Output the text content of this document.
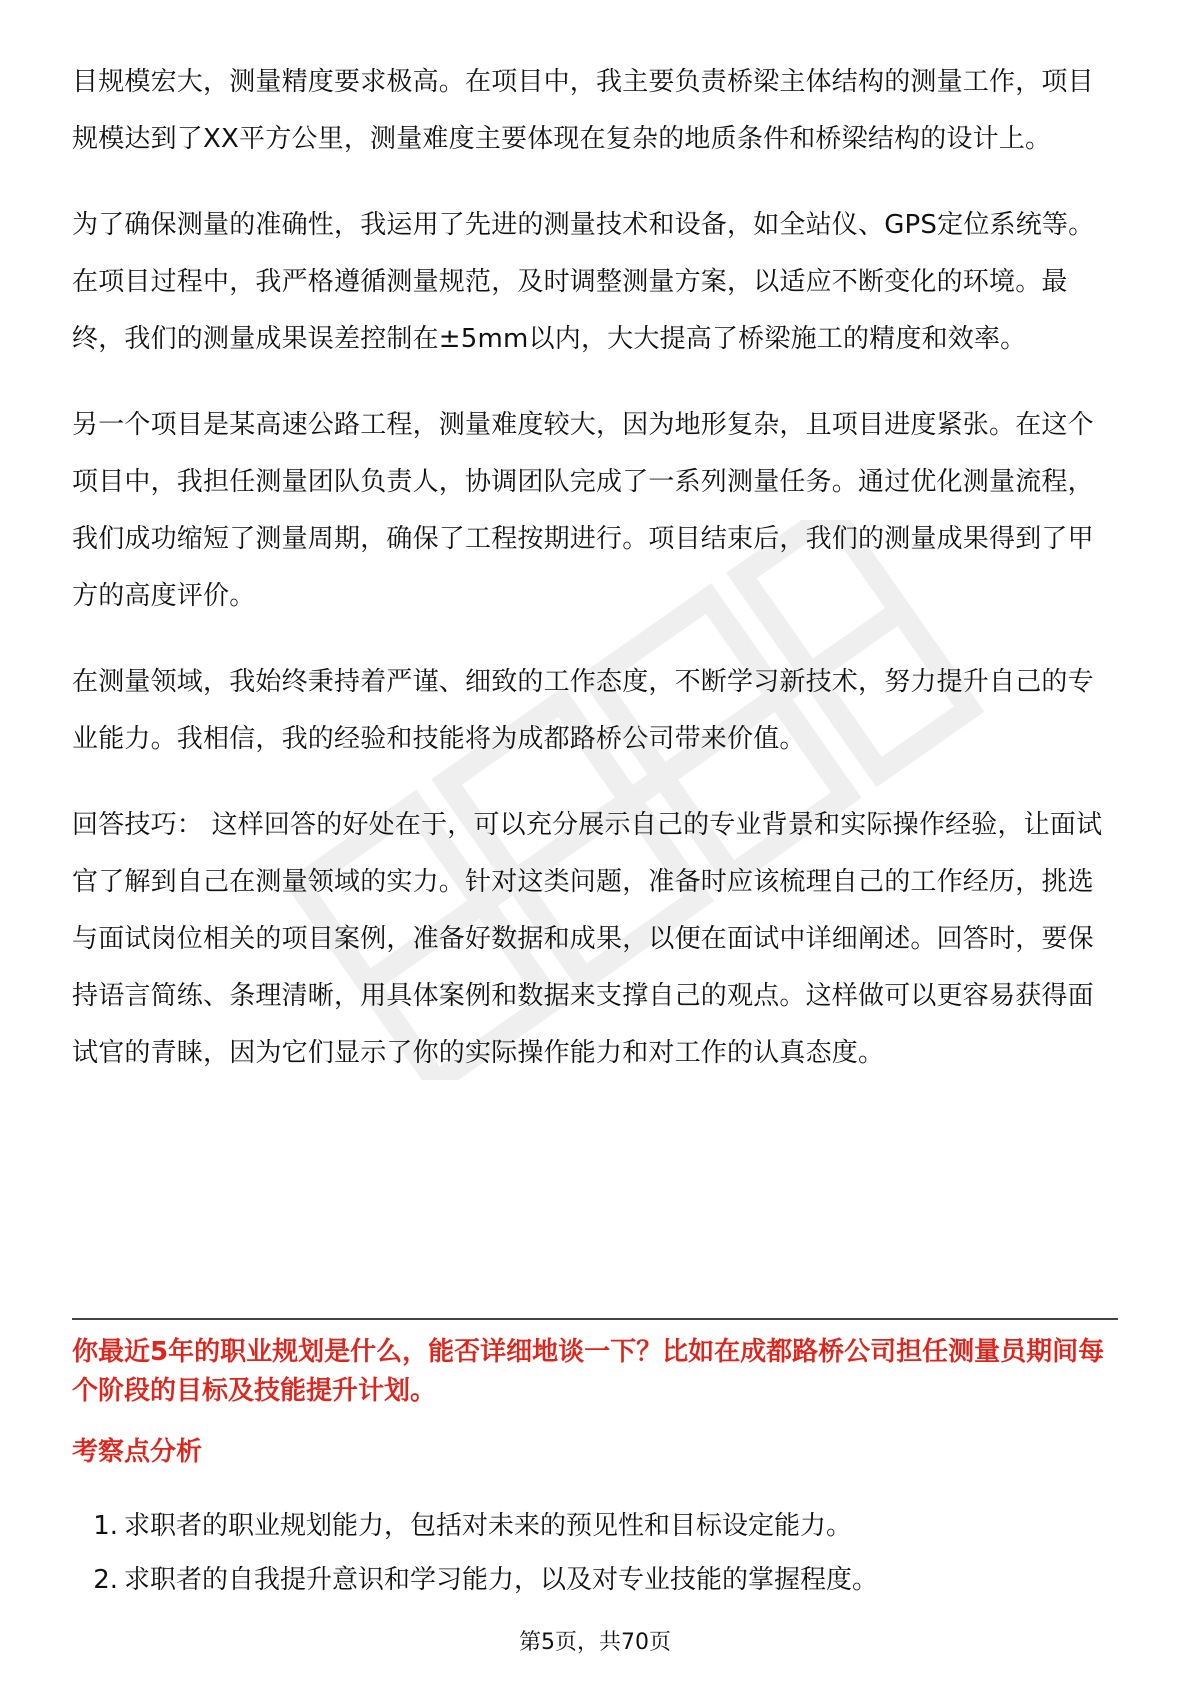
目规模宏大，测量精度要求极高。在项目中，我主要负责桥梁主体结构的测量工作，项目规模达到了XX平方公里，测量难度主要体现在复杂的地质条件和桥梁结构的设计上。

为了确保测量的准确性，我运用了先进的测量技术和设备，如全站仪、GPS定位系统等。在项目过程中，我严格遵循测量规范，及时调整测量方案，以适应不断变化的环境。最终，我们的测量成果误差控制在±5mm以内，大大提高了桥梁施工的精度和效率。

另一个项目是某高速公路工程，测量难度较大，因为地形复杂，且项目进度紧张。在这个项目中，我担任测量团队负责人，协调团队完成了一系列测量任务。通过优化测量流程，我们成功缩短了测量周期，确保了工程按期进行。项目结束后，我们的测量成果得到了甲方的高度评价。

在测量领域，我始终秉持着严谨、细致的工作态度，不断学习新技术，努力提升自己的专业能力。我相信，我的经验和技能将为成都路桥公司带来价值。

回答技巧： 这样回答的好处在于，可以充分展示自己的专业背景和实际操作经验，让面试官了解到自己在测量领域的实力。针对这类问题，准备时应该梳理自己的工作经历，挑选与面试岗位相关的项目案例，准备好数据和成果，以便在面试中详细阐述。回答时，要保持语言简练、条理清晰，用具体案例和数据来支撑自己的观点。这样做可以更容易获得面试官的青睐，因为它们显示了你的实际操作能力和对工作的认真态度。

你最近5年的职业规划是什么，能否详细地谈一下？比如在成都路桥公司担任测量员期间每个阶段的目标及技能提升计划。

考察点分析

1. 求职者的职业规划能力，包括对未来的预见性和目标设定能力。
2. 求职者的自我提升意识和学习能力，以及对专业技能的掌握程度。
第5页，共70页
